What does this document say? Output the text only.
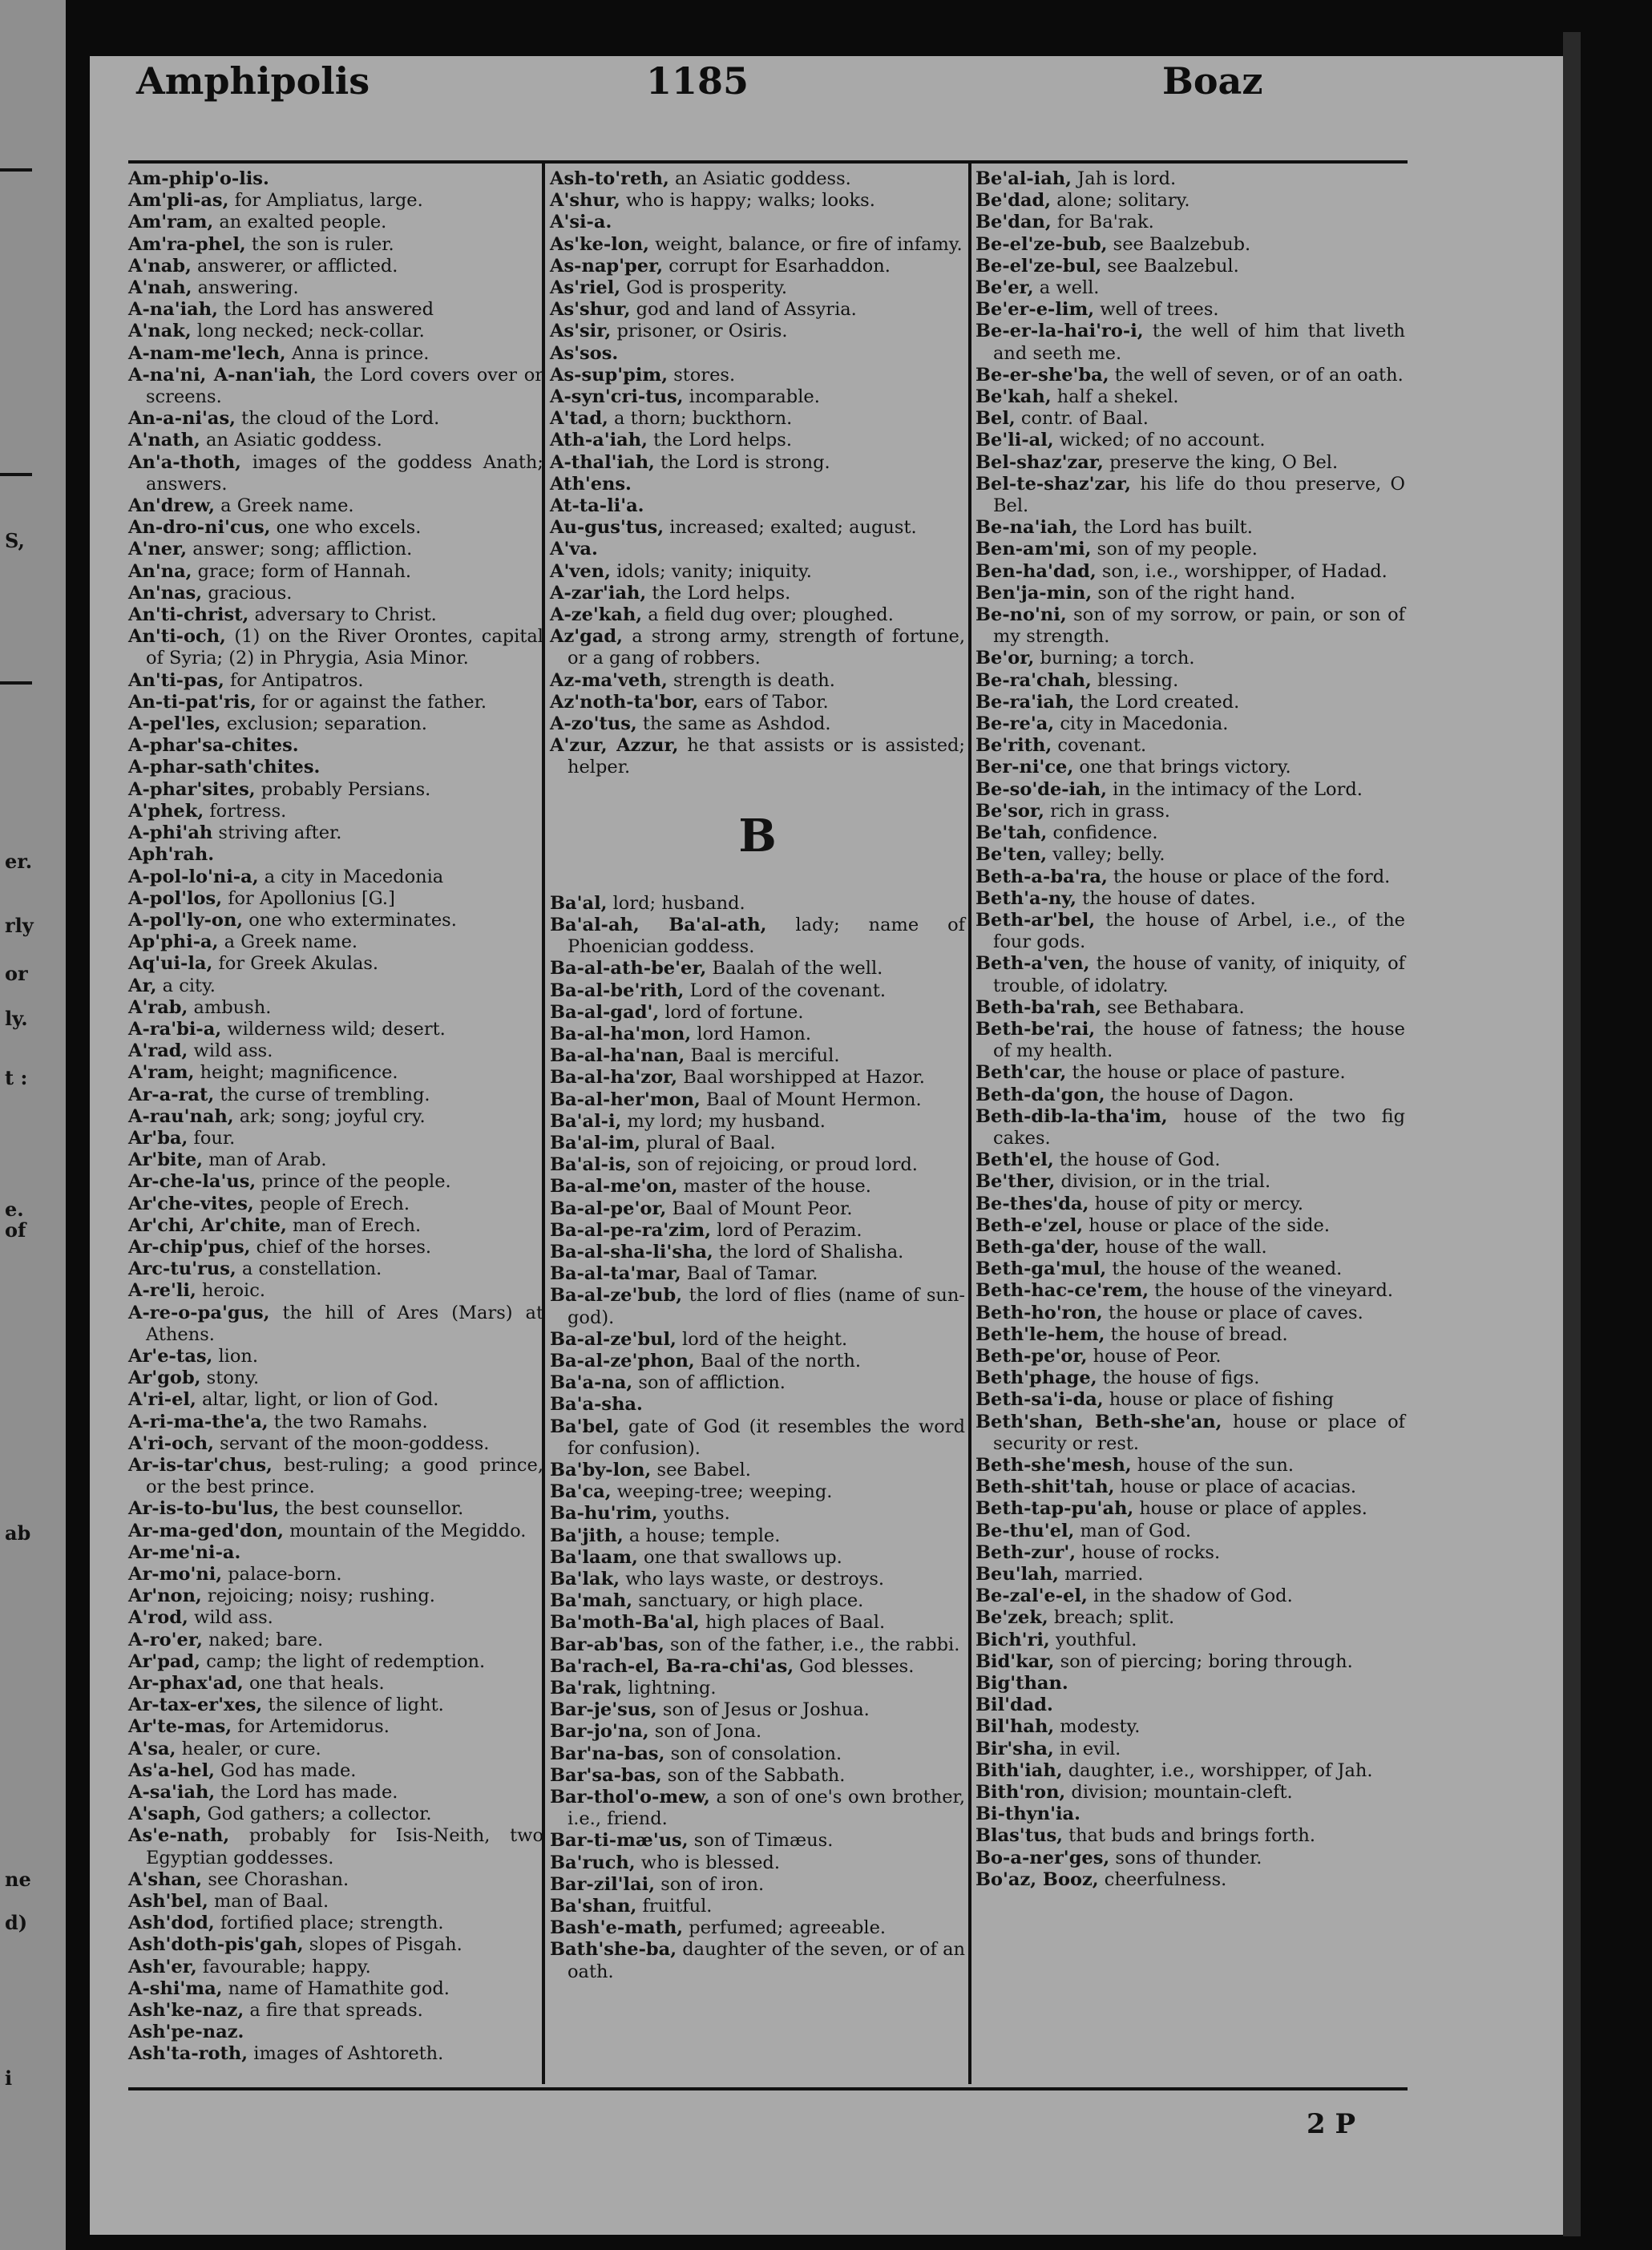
S,
er.
rly
or
ly.
t :
e.
of
ab
ne
d)
i
Amphipolis	1185	Boaz
Am-phip'o-lis.
Am'pli-as, for Ampliatus, large.
Am'ram, an exalted people.
Am'ra-phel, the son is ruler.
A'nab, answerer, or afflicted.
A'nah, answering.
A-na'iah, the Lord has answered
A'nak, long necked; neck-collar.
A-nam-me'lech, Anna is prince.
A-na'ni, A-nan'iah, the Lord covers over or screens.
An-a-ni'as, the cloud of the Lord.
A'nath, an Asiatic goddess.
An'a-thoth, images of the goddess Anath; answers.
An'drew, a Greek name.
An-dro-ni'cus, one who excels.
A'ner, answer; song; affliction.
An'na, grace; form of Hannah.
An'nas, gracious.
An'ti-christ, adversary to Christ.
An'ti-och, (1) on the River Orontes, capital of Syria; (2) in Phrygia, Asia Minor.
An'ti-pas, for Antipatros.
An-ti-pat'ris, for or against the father.
A-pel'les, exclusion; separation.
A-phar'sa-chites.
A-phar-sath'chites.
A-phar'sites, probably Persians.
A'phek, fortress.
A-phi'ah striving after.
Aph'rah.
A-pol-lo'ni-a, a city in Macedonia
A-pol'los, for Apollonius [G.]
A-pol'ly-on, one who exterminates.
Ap'phi-a, a Greek name.
Aq'ui-la, for Greek Akulas.
Ar, a city.
A'rab, ambush.
A-ra'bi-a, wilderness wild; desert.
A'rad, wild ass.
A'ram, height; magnificence.
Ar-a-rat, the curse of trembling.
A-rau'nah, ark; song; joyful cry.
Ar'ba, four.
Ar'bite, man of Arab.
Ar-che-la'us, prince of the people.
Ar'che-vites, people of Erech.
Ar'chi, Ar'chite, man of Erech.
Ar-chip'pus, chief of the horses.
Arc-tu'rus, a constellation.
A-re'li, heroic.
A-re-o-pa'gus, the hill of Ares (Mars) at Athens.
Ar'e-tas, lion.
Ar'gob, stony.
A'ri-el, altar, light, or lion of God.
A-ri-ma-the'a, the two Ramahs.
A'ri-och, servant of the moon-goddess.
Ar-is-tar'chus, best-ruling; a good prince, or the best prince.
Ar-is-to-bu'lus, the best counsellor.
Ar-ma-ged'don, mountain of the Megiddo.
Ar-me'ni-a.
Ar-mo'ni, palace-born.
Ar'non, rejoicing; noisy; rushing.
A'rod, wild ass.
A-ro'er, naked; bare.
Ar'pad, camp; the light of redemption.
Ar-phax'ad, one that heals.
Ar-tax-er'xes, the silence of light.
Ar'te-mas, for Artemidorus.
A'sa, healer, or cure.
As'a-hel, God has made.
A-sa'iah, the Lord has made.
A'saph, God gathers; a collector.
As'e-nath, probably for Isis-Neith, two Egyptian goddesses.
A'shan, see Chorashan.
Ash'bel, man of Baal.
Ash'dod, fortified place; strength.
Ash'doth-pis'gah, slopes of Pisgah.
Ash'er, favourable; happy.
A-shi'ma, name of Hamathite god.
Ash'ke-naz, a fire that spreads.
Ash'pe-naz.
Ash'ta-roth, images of Ashtoreth.
Ash-to'reth, an Asiatic goddess.
A'shur, who is happy; walks; looks.
A'si-a.
As'ke-lon, weight, balance, or fire of infamy.
As-nap'per, corrupt for Esarhaddon.
As'riel, God is prosperity.
As'shur, god and land of Assyria.
As'sir, prisoner, or Osiris.
As'sos.
As-sup'pim, stores.
A-syn'cri-tus, incomparable.
A'tad, a thorn; buckthorn.
Ath-a'iah, the Lord helps.
A-thal'iah, the Lord is strong.
Ath'ens.
At-ta-li'a.
Au-gus'tus, increased; exalted; august.
A'va.
A'ven, idols; vanity; iniquity.
A-zar'iah, the Lord helps.
A-ze'kah, a field dug over; ploughed.
Az'gad, a strong army, strength of fortune, or a gang of robbers.
Az-ma'veth, strength is death.
Az'noth-ta'bor, ears of Tabor.
A-zo'tus, the same as Ashdod.
A'zur, Azzur, he that assists or is assisted; helper.
B
Ba'al, lord; husband.
Ba'al-ah, Ba'al-ath, lady; name of Phoenician goddess.
Ba-al-ath-be'er, Baalah of the well.
Ba-al-be'rith, Lord of the covenant.
Ba-al-gad', lord of fortune.
Ba-al-ha'mon, lord Hamon.
Ba-al-ha'nan, Baal is merciful.
Ba-al-ha'zor, Baal worshipped at Hazor.
Ba-al-her'mon, Baal of Mount Hermon.
Ba'al-i, my lord; my husband.
Ba'al-im, plural of Baal.
Ba'al-is, son of rejoicing, or proud lord.
Ba-al-me'on, master of the house.
Ba-al-pe'or, Baal of Mount Peor.
Ba-al-pe-ra'zim, lord of Perazim.
Ba-al-sha-li'sha, the lord of Shalisha.
Ba-al-ta'mar, Baal of Tamar.
Ba-al-ze'bub, the lord of flies (name of sun-god).
Ba-al-ze'bul, lord of the height.
Ba-al-ze'phon, Baal of the north.
Ba'a-na, son of affliction.
Ba'a-sha.
Ba'bel, gate of God (it resembles the word for confusion).
Ba'by-lon, see Babel.
Ba'ca, weeping-tree; weeping.
Ba-hu'rim, youths.
Ba'jith, a house; temple.
Ba'laam, one that swallows up.
Ba'lak, who lays waste, or destroys.
Ba'mah, sanctuary, or high place.
Ba'moth-Ba'al, high places of Baal.
Bar-ab'bas, son of the father, i.e., the rabbi.
Ba'rach-el, Ba-ra-chi'as, God blesses.
Ba'rak, lightning.
Bar-je'sus, son of Jesus or Joshua.
Bar-jo'na, son of Jona.
Bar'na-bas, son of consolation.
Bar'sa-bas, son of the Sabbath.
Bar-thol'o-mew, a son of one's own brother, i.e., friend.
Bar-ti-mæ'us, son of Timæus.
Ba'ruch, who is blessed.
Bar-zil'lai, son of iron.
Ba'shan, fruitful.
Bash'e-math, perfumed; agreeable.
Bath'she-ba, daughter of the seven, or of an oath.
Be'al-iah, Jah is lord.
Be'dad, alone; solitary.
Be'dan, for Ba'rak.
Be-el'ze-bub, see Baalzebub.
Be-el'ze-bul, see Baalzebul.
Be'er, a well.
Be'er-e-lim, well of trees.
Be-er-la-hai'ro-i, the well of him that liveth and seeth me.
Be-er-she'ba, the well of seven, or of an oath.
Be'kah, half a shekel.
Bel, contr. of Baal.
Be'li-al, wicked; of no account.
Bel-shaz'zar, preserve the king, O Bel.
Bel-te-shaz'zar, his life do thou preserve, O Bel.
Be-na'iah, the Lord has built.
Ben-am'mi, son of my people.
Ben-ha'dad, son, i.e., worshipper, of Hadad.
Ben'ja-min, son of the right hand.
Be-no'ni, son of my sorrow, or pain, or son of my strength.
Be'or, burning; a torch.
Be-ra'chah, blessing.
Be-ra'iah, the Lord created.
Be-re'a, city in Macedonia.
Be'rith, covenant.
Ber-ni'ce, one that brings victory.
Be-so'de-iah, in the intimacy of the Lord.
Be'sor, rich in grass.
Be'tah, confidence.
Be'ten, valley; belly.
Beth-a-ba'ra, the house or place of the ford.
Beth'a-ny, the house of dates.
Beth-ar'bel, the house of Arbel, i.e., of the four gods.
Beth-a'ven, the house of vanity, of iniquity, of trouble, of idolatry.
Beth-ba'rah, see Bethabara.
Beth-be'rai, the house of fatness; the house of my health.
Beth'car, the house or place of pasture.
Beth-da'gon, the house of Dagon.
Beth-dib-la-tha'im, house of the two fig cakes.
Beth'el, the house of God.
Be'ther, division, or in the trial.
Be-thes'da, house of pity or mercy.
Beth-e'zel, house or place of the side.
Beth-ga'der, house of the wall.
Beth-ga'mul, the house of the weaned.
Beth-hac-ce'rem, the house of the vineyard.
Beth-ho'ron, the house or place of caves.
Beth'le-hem, the house of bread.
Beth-pe'or, house of Peor.
Beth'phage, the house of figs.
Beth-sa'i-da, house or place of fishing
Beth'shan, Beth-she'an, house or place of security or rest.
Beth-she'mesh, house of the sun.
Beth-shit'tah, house or place of acacias.
Beth-tap-pu'ah, house or place of apples.
Be-thu'el, man of God.
Beth-zur', house of rocks.
Beu'lah, married.
Be-zal'e-el, in the shadow of God.
Be'zek, breach; split.
Bich'ri, youthful.
Bid'kar, son of piercing; boring through.
Big'than.
Bil'dad.
Bil'hah, modesty.
Bir'sha, in evil.
Bith'iah, daughter, i.e., worshipper, of Jah.
Bith'ron, division; mountain-cleft.
Bi-thyn'ia.
Blas'tus, that buds and brings forth.
Bo-a-ner'ges, sons of thunder.
Bo'az, Booz, cheerfulness.
2 P
